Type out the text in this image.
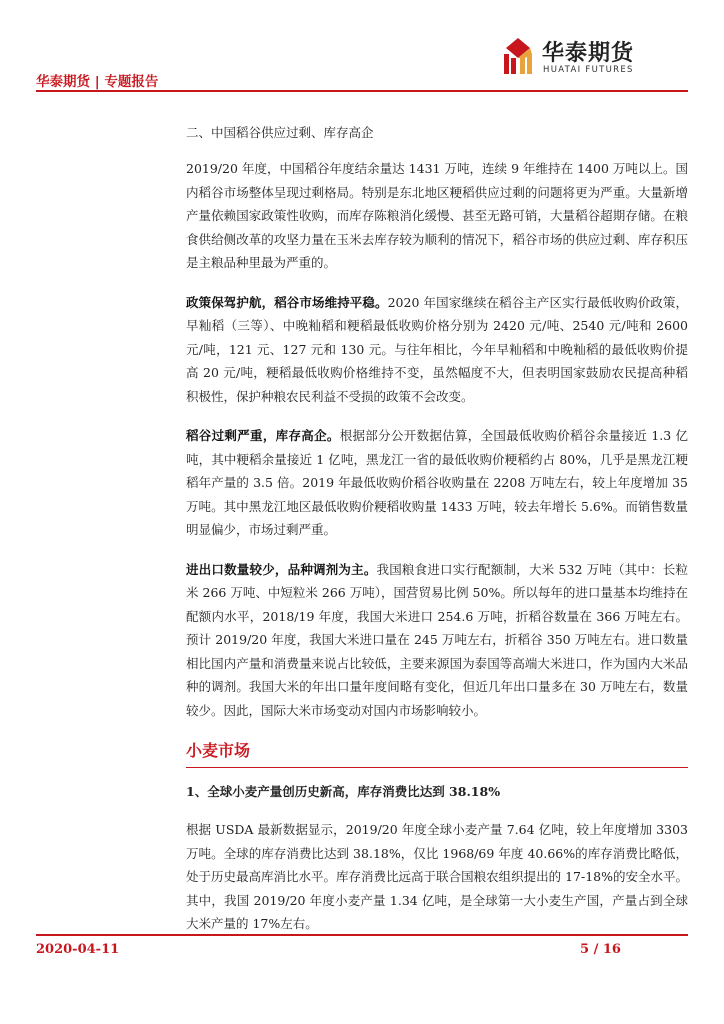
华泰期货 | 专题报告
华泰期货
HUATAI FUTURES
二、中国稻谷供应过剩、库存高企

2019/20 年度，中国稻谷年度结余量达 1431 万吨，连续 9 年维持在 1400 万吨以上。国内稻谷市场整体呈现过剩格局。特别是东北地区粳稻供应过剩的问题将更为严重。大量新增产量依赖国家政策性收购，而库存陈粮消化缓慢、甚至无路可销，大量稻谷超期存储。在粮食供给侧改革的攻坚力量在玉米去库存较为顺利的情况下，稻谷市场的供应过剩、库存积压是主粮品种里最为严重的。

政策保驾护航，稻谷市场维持平稳。2020 年国家继续在稻谷主产区实行最低收购价政策，早籼稻（三等）、中晚籼稻和粳稻最低收购价格分别为 2420 元/吨、2540 元/吨和 2600 元/吨，121 元、127 元和 130 元。与往年相比，今年早籼稻和中晚籼稻的最低收购价提高 20 元/吨，粳稻最低收购价格维持不变，虽然幅度不大，但表明国家鼓励农民提高种稻积极性，保护种粮农民利益不受损的政策不会改变。

稻谷过剩严重，库存高企。根据部分公开数据估算，全国最低收购价稻谷余量接近 1.3 亿吨，其中粳稻余量接近 1 亿吨，黑龙江一省的最低收购价粳稻约占 80%，几乎是黑龙江粳稻年产量的 3.5 倍。2019 年最低收购价稻谷收购量在 2208 万吨左右，较上年度增加 35 万吨。其中黑龙江地区最低收购价粳稻收购量 1433 万吨，较去年增长 5.6%。而销售数量明显偏少，市场过剩严重。

进出口数量较少，品种调剂为主。我国粮食进口实行配额制，大米 532 万吨（其中：长粒米 266 万吨、中短粒米 266 万吨），国营贸易比例 50%。所以每年的进口量基本均维持在配额内水平，2018/19 年度，我国大米进口 254.6 万吨，折稻谷数量在 366 万吨左右。预计 2019/20 年度，我国大米进口量在 245 万吨左右，折稻谷 350 万吨左右。进口数量相比国内产量和消费量来说占比较低，主要来源国为泰国等高端大米进口，作为国内大米品种的调剂。我国大米的年出口量年度间略有变化，但近几年出口量多在 30 万吨左右，数量较少。因此，国际大米市场变动对国内市场影响较小。

小麦市场
1、全球小麦产量创历史新高，库存消费比达到 38.18%

根据 USDA 最新数据显示，2019/20 年度全球小麦产量 7.64 亿吨，较上年度增加 3303 万吨。全球的库存消费比达到 38.18%，仅比 1968/69 年度 40.66%的库存消费比略低，处于历史最高库消比水平。库存消费比远高于联合国粮农组织提出的 17-18%的安全水平。其中，我国 2019/20 年度小麦产量 1.34 亿吨，是全球第一大小麦生产国，产量占到全球大米产量的 17%左右。

2020-04-11	5 / 16
